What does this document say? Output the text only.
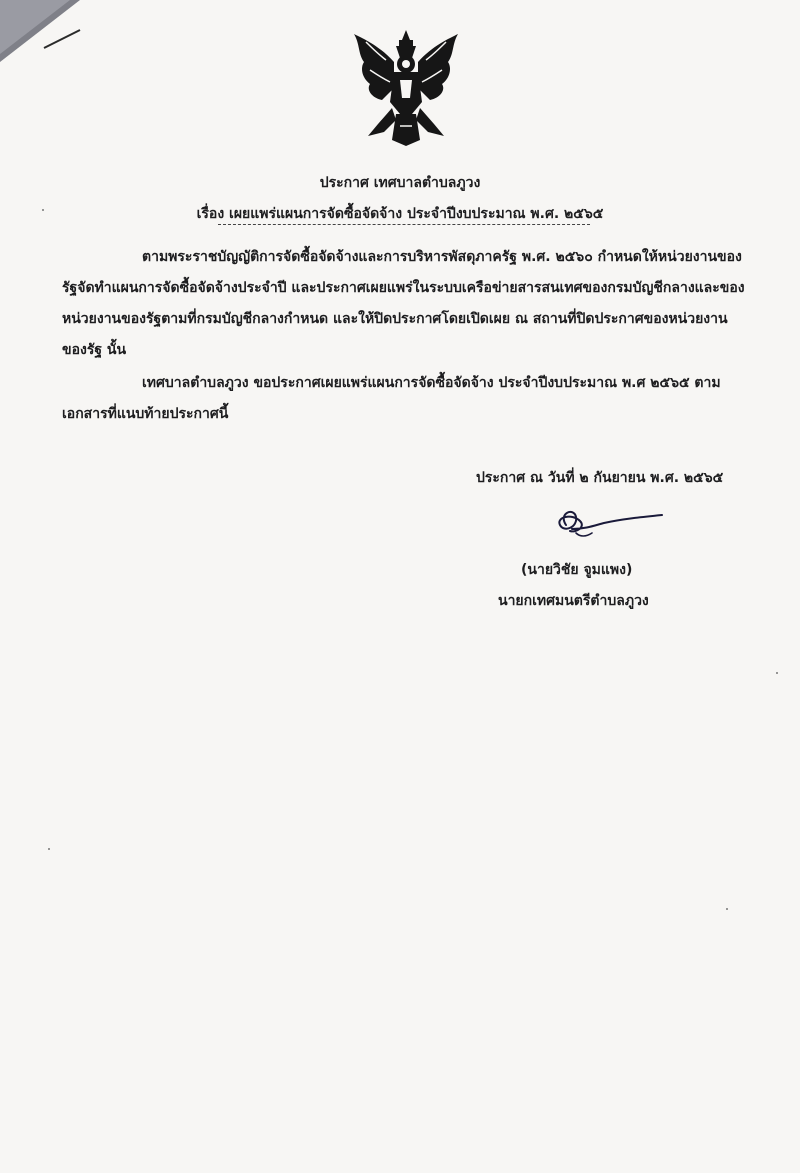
ประกาศ เทศบาลตำบลภูวง
เรื่อง เผยแพร่แผนการจัดซื้อจัดจ้าง ประจำปีงบประมาณ พ.ศ. ๒๕๖๕
ตามพระราชบัญญัติการจัดซื้อจัดจ้างและการบริหารพัสดุภาครัฐ พ.ศ. ๒๕๖๐ กำหนดให้หน่วยงานของรัฐจัดทำแผนการจัดซื้อจัดจ้างประจำปี และประกาศเผยแพร่ในระบบเครือข่ายสารสนเทศของกรมบัญชีกลางและของหน่วยงานของรัฐตามที่กรมบัญชีกลางกำหนด และให้ปิดประกาศโดยเปิดเผย ณ สถานที่ปิดประกาศของหน่วยงานของรัฐ นั้น
เทศบาลตำบลภูวง ขอประกาศเผยแพร่แผนการจัดซื้อจัดจ้าง ประจำปีงบประมาณ พ.ศ ๒๕๖๕ ตามเอกสารที่แนบท้ายประกาศนี้
ประกาศ ณ วันที่ ๒ กันยายน พ.ศ. ๒๕๖๕
(นายวิชัย จูมแพง)
นายกเทศมนตรีตำบลภูวง
